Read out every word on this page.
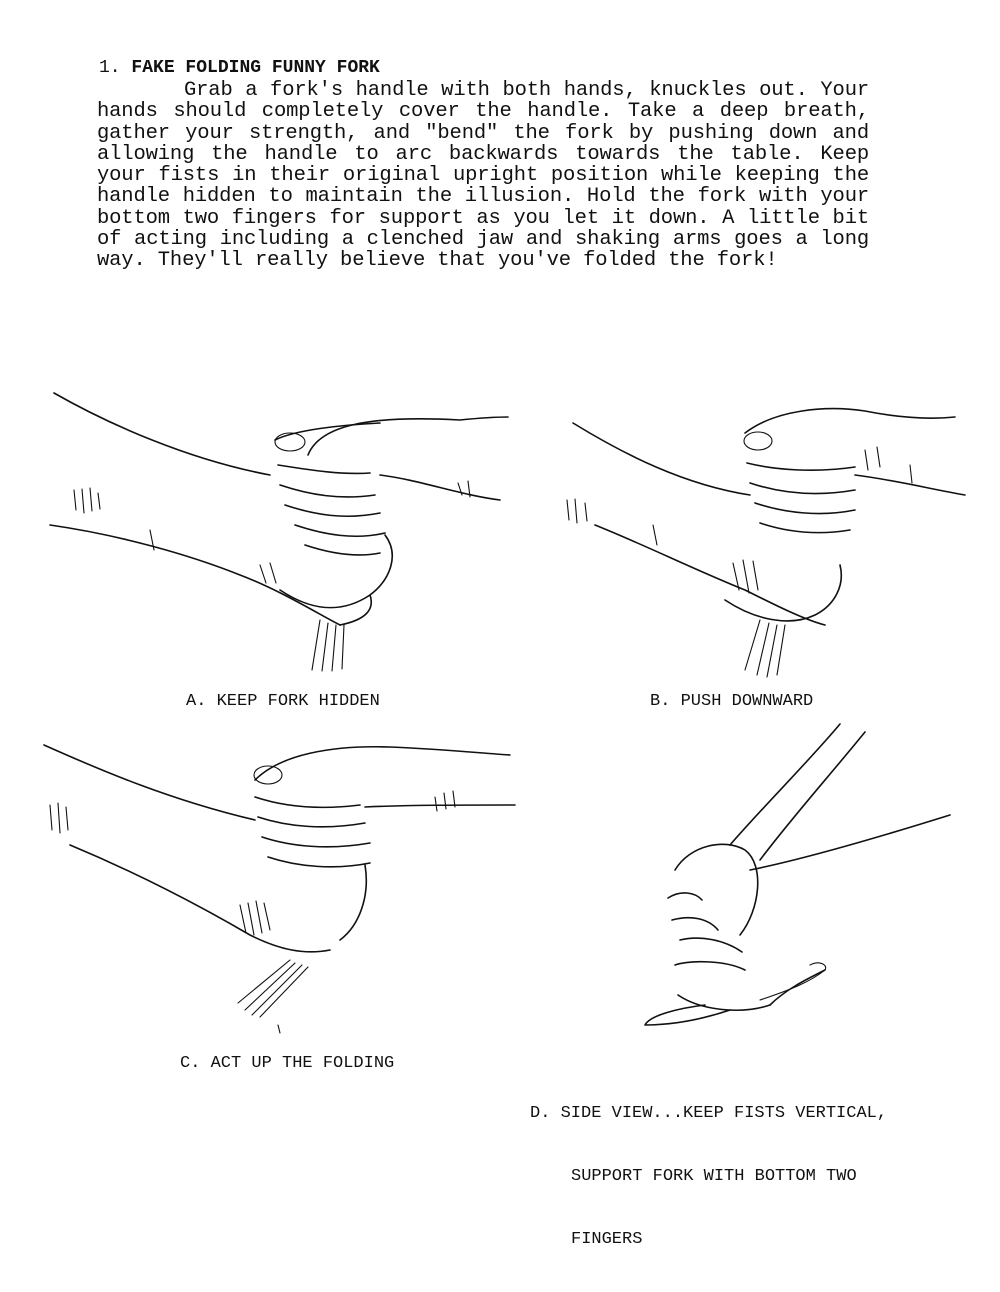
1. FAKE FOLDING FUNNY FORK

Grab a fork's handle with both hands, knuckles out. Your hands should completely cover the handle. Take a deep breath, gather your strength, and "bend" the fork by pushing down and allowing the handle to arc backwards towards the table. Keep your fists in their original upright position while keeping the handle hidden to maintain the illusion. Hold the fork with your bottom two fingers for support as you let it down. A little bit of acting including a clenched jaw and shaking arms goes a long way. They'll really believe that you've folded the fork!

A. KEEP FORK HIDDEN	B. PUSH DOWNWARD
C. ACT UP THE FOLDING

D. SIDE VIEW...KEEP FISTS VERTICAL,

SUPPORT FORK WITH BOTTOM TWO

FINGERS
